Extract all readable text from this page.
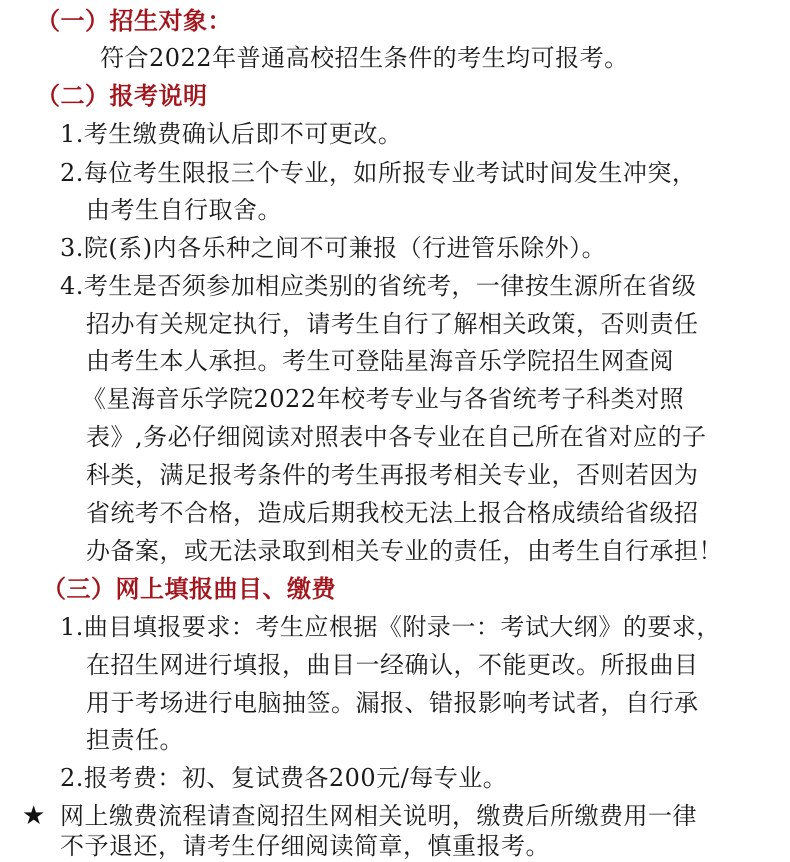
（一）招生对象：
符合2022年普通高校招生条件的考生均可报考。
（二）报考说明
1.考生缴费确认后即不可更改。
2.每位考生限报三个专业，如所报专业考试时间发生冲突，
由考生自行取舍。
3.院(系)内各乐种之间不可兼报（行进管乐除外）。
4.考生是否须参加相应类别的省统考，一律按生源所在省级
招办有关规定执行，请考生自行了解相关政策，否则责任
由考生本人承担。考生可登陆星海音乐学院招生网查阅
《星海音乐学院2022年校考专业与各省统考子科类对照
表》,务必仔细阅读对照表中各专业在自己所在省对应的子
科类，满足报考条件的考生再报考相关专业，否则若因为
省统考不合格，造成后期我校无法上报合格成绩给省级招
办备案，或无法录取到相关专业的责任，由考生自行承担！
（三）网上填报曲目、缴费
1.曲目填报要求：考生应根据《附录一：考试大纲》的要求，
在招生网进行填报，曲目一经确认，不能更改。所报曲目
用于考场进行电脑抽签。漏报、错报影响考试者，自行承
担责任。
2.报考费：初、复试费各200元/每专业。
★ 网上缴费流程请查阅招生网相关说明，缴费后所缴费用一律
不予退还，请考生仔细阅读简章，慎重报考。
